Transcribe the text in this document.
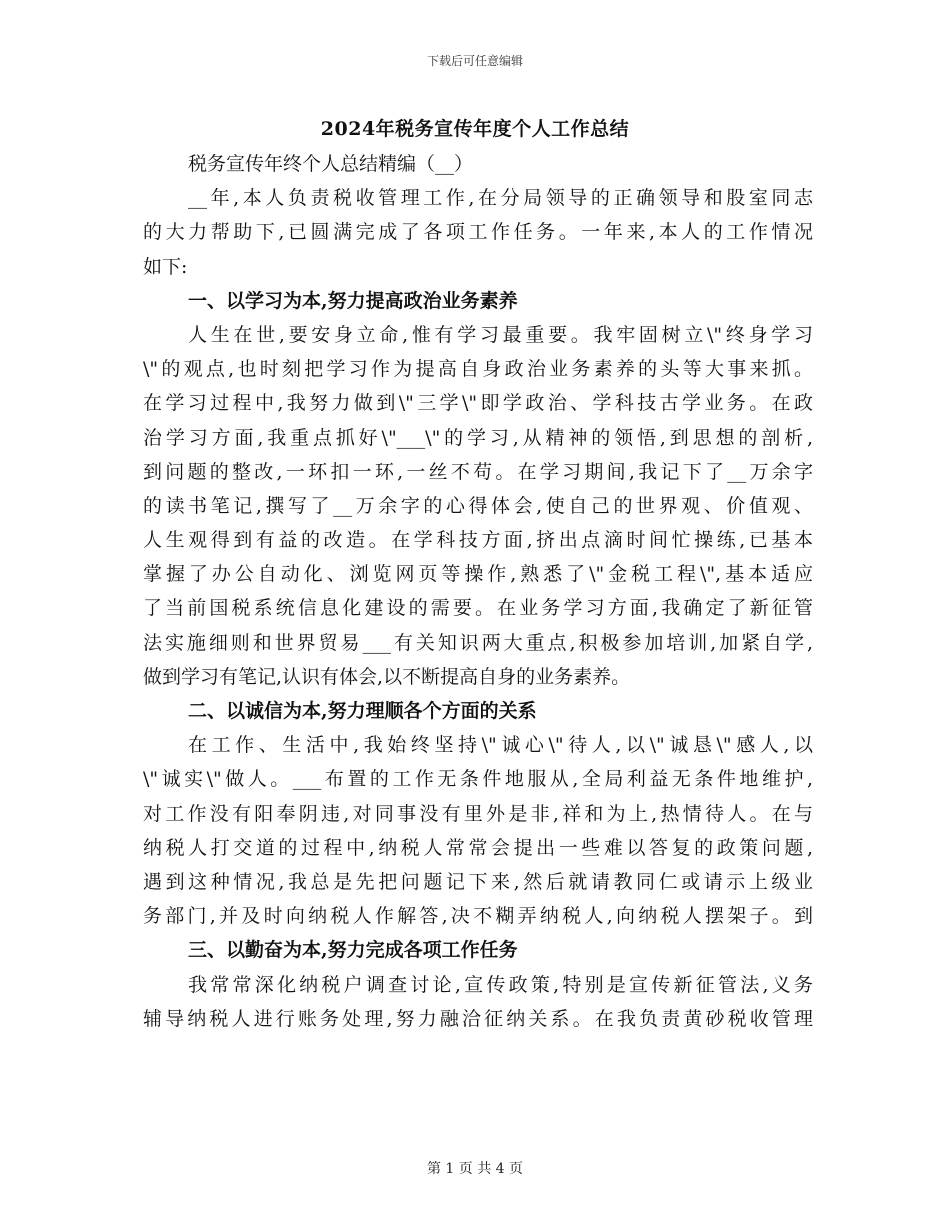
下载后可任意编辑
2024年税务宣传年度个人工作总结
税务宣传年终个人总结精编（__）
__年,本人负责税收管理工作,在分局领导的正确领导和股室同志
的大力帮助下,已圆满完成了各项工作任务。一年来,本人的工作情况
如下:
一、以学习为本,努力提高政治业务素养
人生在世,要安身立命,惟有学习最重要。我牢固树立\"终身学习
\"的观点,也时刻把学习作为提高自身政治业务素养的头等大事来抓。
在学习过程中,我努力做到\"三学\"即学政治、学科技古学业务。在政
治学习方面,我重点抓好\"___\"的学习,从精神的领悟,到思想的剖析,
到问题的整改,一环扣一环,一丝不苟。在学习期间,我记下了__万余字
的读书笔记,撰写了__万余字的心得体会,使自己的世界观、价值观、
人生观得到有益的改造。在学科技方面,挤出点滴时间忙操练,已基本
掌握了办公自动化、浏览网页等操作,熟悉了\"金税工程\",基本适应
了当前国税系统信息化建设的需要。在业务学习方面,我确定了新征管
法实施细则和世界贸易___有关知识两大重点,积极参加培训,加紧自学,
做到学习有笔记,认识有体会,以不断提高自身的业务素养。
二、以诚信为本,努力理顺各个方面的关系
在工作、生活中,我始终坚持\"诚心\"待人,以\"诚恳\"感人,以
\"诚实\"做人。___布置的工作无条件地服从,全局利益无条件地维护,
对工作没有阳奉阴违,对同事没有里外是非,祥和为上,热情待人。在与
纳税人打交道的过程中,纳税人常常会提出一些难以答复的政策问题,
遇到这种情况,我总是先把问题记下来,然后就请教同仁或请示上级业
务部门,并及时向纳税人作解答,决不糊弄纳税人,向纳税人摆架子。到
三、以勤奋为本,努力完成各项工作任务
我常常深化纳税户调查讨论,宣传政策,特别是宣传新征管法,义务
辅导纳税人进行账务处理,努力融洽征纳关系。在我负责黄砂税收管理
第 1 页 共 4 页
